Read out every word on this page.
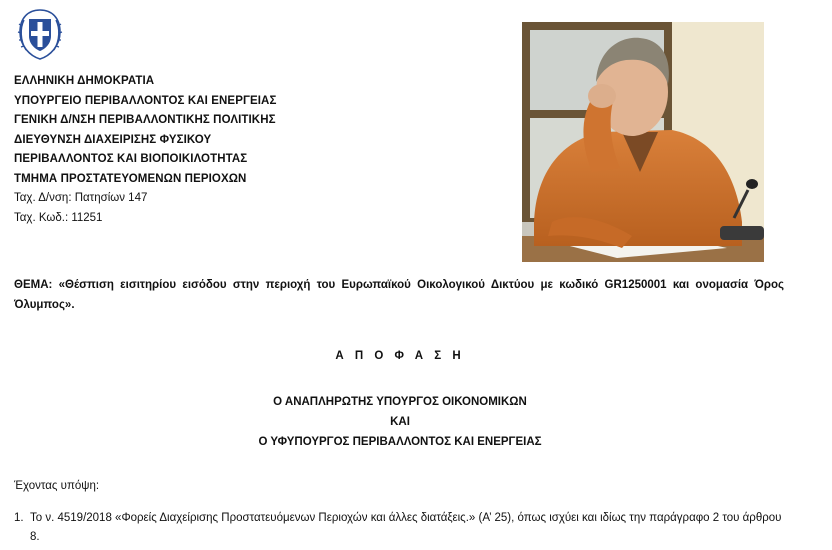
ΕΛΛΗΝΙΚΗ ΔΗΜΟΚΡΑΤΙΑ
ΥΠΟΥΡΓΕΙΟ ΠΕΡΙΒΑΛΛΟΝΤΟΣ ΚΑΙ ΕΝΕΡΓΕΙΑΣ
ΓΕΝΙΚΗ Δ/ΝΣΗ ΠΕΡΙΒΑΛΛΟΝΤΙΚΗΣ ΠΟΛΙΤΙΚΗΣ
ΔΙΕΥΘΥΝΣΗ ΔΙΑΧΕΙΡΙΣΗΣ ΦΥΣΙΚΟΥ
ΠΕΡΙΒΑΛΛΟΝΤΟΣ ΚΑΙ ΒΙΟΠΟΙΚΙΛΟΤΗΤΑΣ
ΤΜΗΜΑ ΠΡΟΣΤΑΤΕΥΟΜΕΝΩΝ ΠΕΡΙΟΧΩΝ
Ταχ. Δ/νση: Πατησίων 147
Ταχ. Κωδ.: 11251
ΘΕΜΑ: «Θέσπιση εισιτηρίου εισόδου στην περιοχή του Ευρωπαϊκού Οικολογικού Δικτύου με κωδικό GR1250001 και ονομασία Όρος Όλυμπος».
Α Π Ο Φ Α Σ Η
Ο ΑΝΑΠΛΗΡΩΤΗΣ ΥΠΟΥΡΓΟΣ ΟΙΚΟΝΟΜΙΚΩΝ
ΚΑΙ
Ο ΥΦΥΠΟΥΡΓΟΣ ΠΕΡΙΒΑΛΛΟΝΤΟΣ ΚΑΙ ΕΝΕΡΓΕΙΑΣ
Έχοντας υπόψη:
1. Το ν. 4519/2018 «Φορείς Διαχείρισης Προστατευόμενων Περιοχών και άλλες διατάξεις.» (Α’ 25), όπως ισχύει και ιδίως την παράγραφο 2 του άρθρου 8.
